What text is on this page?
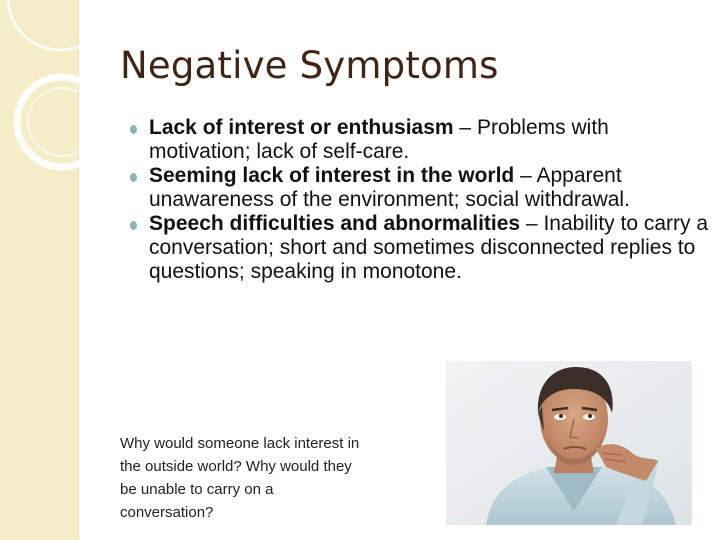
Negative Symptoms
Lack of interest or enthusiasm – Problems with motivation; lack of self-care.
Seeming lack of interest in the world – Apparent unawareness of the environment; social withdrawal.
Speech difficulties and abnormalities – Inability to carry a conversation; short and sometimes disconnected replies to questions; speaking in monotone.
Why would someone lack interest in the outside world? Why would they be unable to carry on a conversation?
